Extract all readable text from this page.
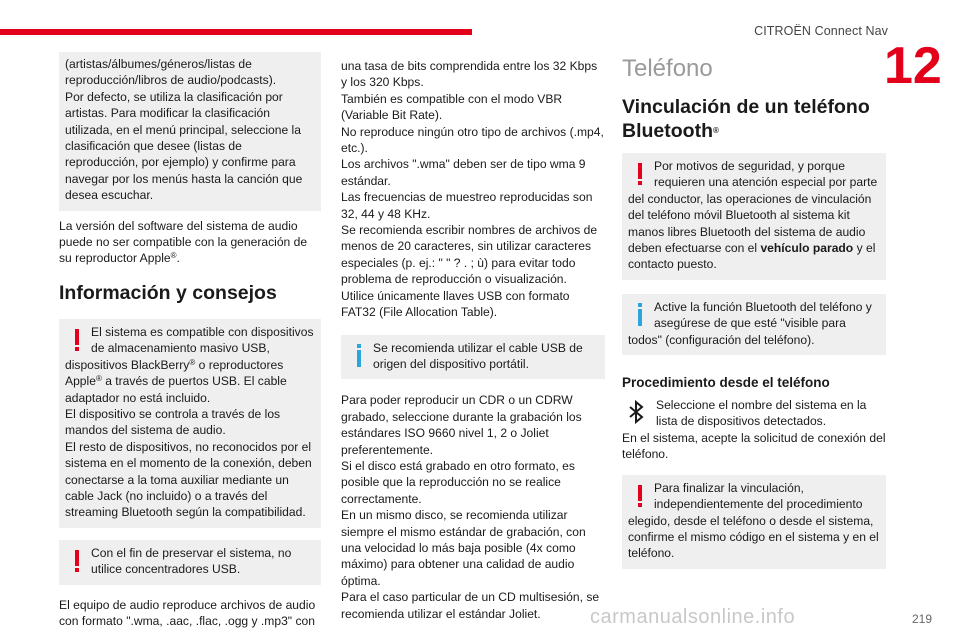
CITROËN Connect Nav
12

(artistas/álbumes/géneros/listas de reproducción/libros de audio/podcasts).
Por defecto, se utiliza la clasificación por artistas. Para modificar la clasificación utilizada, en el menú principal, seleccione la clasificación que desee (listas de reproducción, por ejemplo) y confirme para navegar por los menús hasta la canción que desea escuchar.

La versión del software del sistema de audio puede no ser compatible con la generación de su reproductor Apple®.

Información y consejos

El sistema es compatible con dispositivos de almacenamiento masivo USB, dispositivos BlackBerry® o reproductores Apple® a través de puertos USB. El cable adaptador no está incluido.
El dispositivo se controla a través de los mandos del sistema de audio.
El resto de dispositivos, no reconocidos por el sistema en el momento de la conexión, deben conectarse a la toma auxiliar mediante un cable Jack (no incluido) o a través del streaming Bluetooth según la compatibilidad.

Con el fin de preservar el sistema, no utilice concentradores USB.

El equipo de audio reproduce archivos de audio con formato ".wma, .aac, .flac, .ogg y .mp3" con

una tasa de bits comprendida entre los 32 Kbps y los 320 Kbps.
También es compatible con el modo VBR (Variable Bit Rate).
No reproduce ningún otro tipo de archivos (.mp4, etc.).
Los archivos ".wma" deben ser de tipo wma 9 estándar.
Las frecuencias de muestreo reproducidas son 32, 44 y 48 KHz.
Se recomienda escribir nombres de archivos de menos de 20 caracteres, sin utilizar caracteres especiales (p. ej.: " " ? . ; ù) para evitar todo problema de reproducción o visualización.
Utilice únicamente llaves USB con formato FAT32 (File Allocation Table).

Se recomienda utilizar el cable USB de origen del dispositivo portátil.

Para poder reproducir un CDR o un CDRW grabado, seleccione durante la grabación los estándares ISO 9660 nivel 1, 2 o Joliet preferentemente.
Si el disco está grabado en otro formato, es posible que la reproducción no se realice correctamente.
En un mismo disco, se recomienda utilizar siempre el mismo estándar de grabación, con una velocidad lo más baja posible (4x como máximo) para obtener una calidad de audio óptima.
Para el caso particular de un CD multisesión, se recomienda utilizar el estándar Joliet.

Teléfono
Vinculación de un teléfono Bluetooth®

Por motivos de seguridad, y porque requieren una atención especial por parte del conductor, las operaciones de vinculación del teléfono móvil Bluetooth al sistema kit manos libres Bluetooth del sistema de audio deben efectuarse con el vehículo parado y el contacto puesto.

Active la función Bluetooth del teléfono y asegúrese de que esté "visible para todos" (configuración del teléfono).

Procedimiento desde el teléfono

Seleccione el nombre del sistema en la lista de dispositivos detectados.

En el sistema, acepte la solicitud de conexión del teléfono.

Para finalizar la vinculación, independientemente del procedimiento elegido, desde el teléfono o desde el sistema, confirme el mismo código en el sistema y en el teléfono.

carmanualsonline.info	219
